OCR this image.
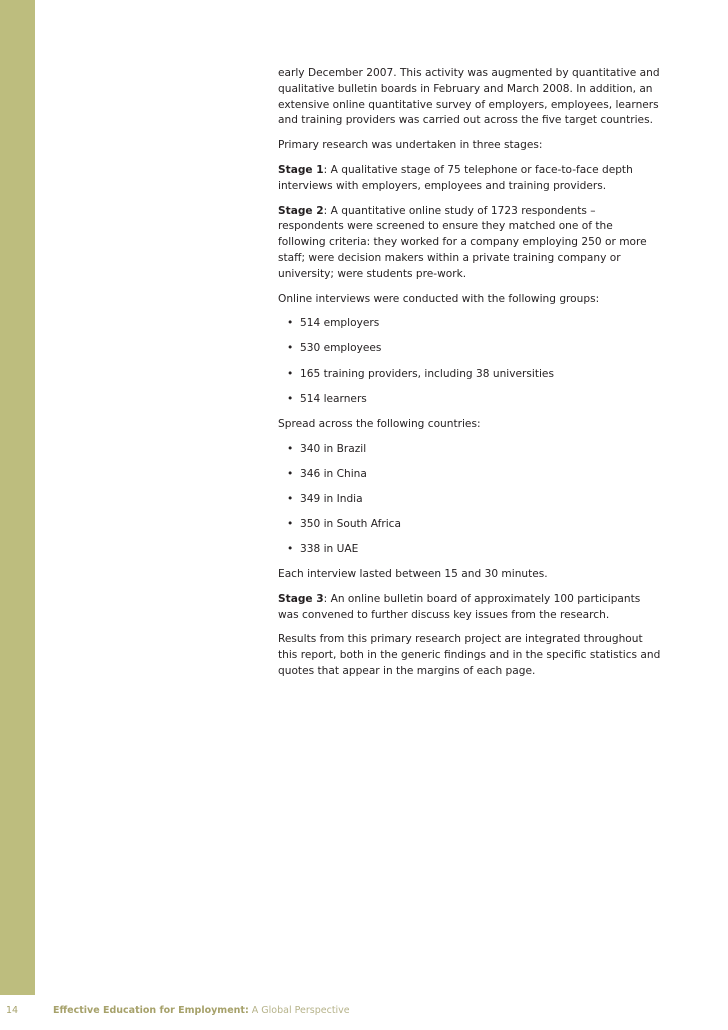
early December 2007. This activity was augmented by quantitative and qualitative bulletin boards in February and March 2008. In addition, an extensive online quantitative survey of employers, employees, learners and training providers was carried out across the five target countries.

Primary research was undertaken in three stages:

Stage 1: A qualitative stage of 75 telephone or face-to-face depth interviews with employers, employees and training providers.

Stage 2: A quantitative online study of 1723 respondents – respondents were screened to ensure they matched one of the following criteria: they worked for a company employing 250 or more staff; were decision makers within a private training company or university; were students pre-work.

Online interviews were conducted with the following groups:

• 514 employers
• 530 employees
• 165 training providers, including 38 universities
• 514 learners

Spread across the following countries:

• 340 in Brazil
• 346 in China
• 349 in India
• 350 in South Africa
• 338 in UAE

Each interview lasted between 15 and 30 minutes.

Stage 3: An online bulletin board of approximately 100 participants was convened to further discuss key issues from the research.

Results from this primary research project are integrated throughout this report, both in the generic findings and in the specific statistics and quotes that appear in the margins of each page.

14	Effective Education for Employment: A Global Perspective
